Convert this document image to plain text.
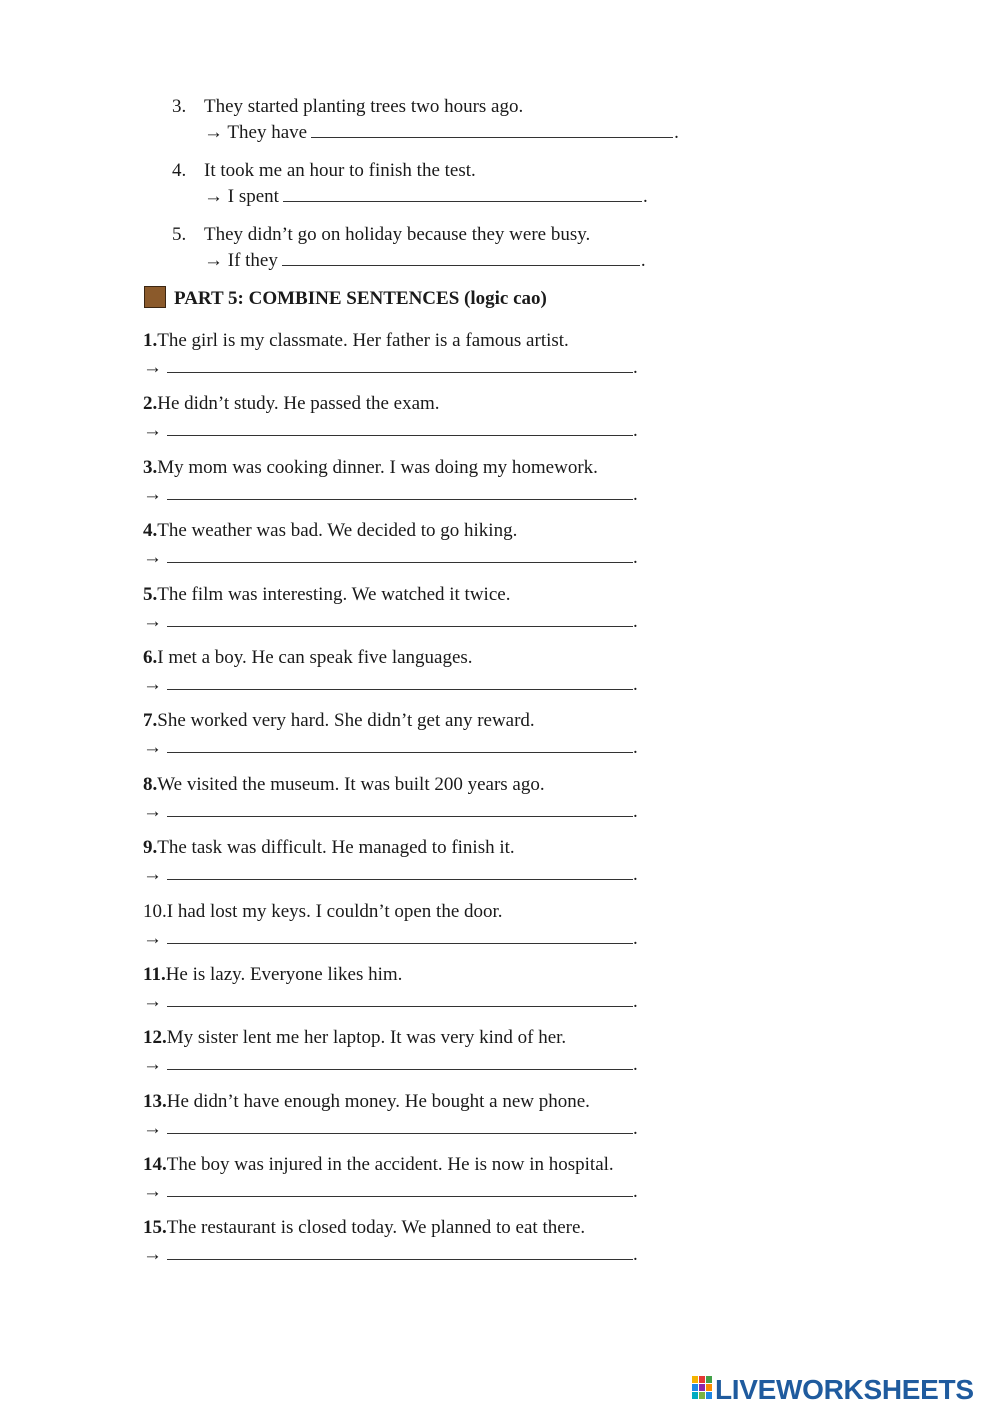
3. They started planting trees two hours ago.
→ They have	.
4. It took me an hour to finish the test.
→ I spent	.
5. They didn’t go on holiday because they were busy.
→ If they	.
PART 5: COMBINE SENTENCES (logic cao)
1.The girl is my classmate. Her father is a famous artist.
→	.
2.He didn’t study. He passed the exam.
→	.
3.My mom was cooking dinner. I was doing my homework.
→	.
4.The weather was bad. We decided to go hiking.
→	.
5.The film was interesting. We watched it twice.
→	.
6.I met a boy. He can speak five languages.
→	.
7.She worked very hard. She didn’t get any reward.
→	.
8.We visited the museum. It was built 200 years ago.
→	.
9.The task was difficult. He managed to finish it.
→	.
10.I had lost my keys. I couldn’t open the door.
→	.
11.He is lazy. Everyone likes him.
→	.
12.My sister lent me her laptop. It was very kind of her.
→	.
13.He didn’t have enough money. He bought a new phone.
→	.
14.The boy was injured in the accident. He is now in hospital.
→	.
15.The restaurant is closed today. We planned to eat there.
→	.
LIVEWORKSHEETS
